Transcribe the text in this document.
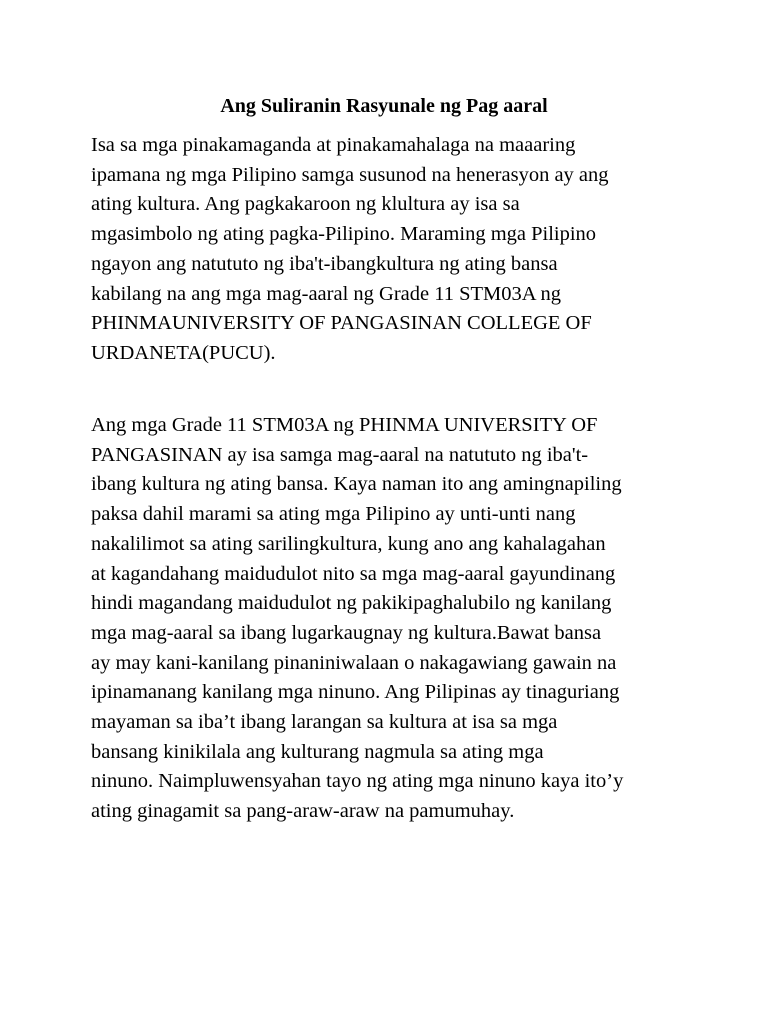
Ang Suliranin Rasyunale ng Pag aaral
Isa sa mga pinakamaganda at pinakamahalaga na maaaring
ipamana ng mga Pilipino samga susunod na henerasyon ay ang
ating kultura. Ang pagkakaroon ng klultura ay isa sa
mgasimbolo ng ating pagka-Pilipino. Maraming mga Pilipino
ngayon ang natututo ng iba't-ibangkultura ng ating bansa
kabilang na ang mga mag-aaral ng Grade 11 STM03A ng
PHINMAUNIVERSITY OF PANGASINAN COLLEGE OF
URDANETA(PUCU).
Ang mga Grade 11 STM03A ng PHINMA UNIVERSITY OF
PANGASINAN ay isa samga mag-aaral na natututo ng iba't-
ibang kultura ng ating bansa. Kaya naman ito ang amingnapiling
paksa dahil marami sa ating mga Pilipino ay unti-unti nang
nakalilimot sa ating sarilingkultura, kung ano ang kahalagahan
at kagandahang maidudulot nito sa mga mag-aaral gayundinang
hindi magandang maidudulot ng pakikipaghalubilo ng kanilang
mga mag-aaral sa ibang lugarkaugnay ng kultura.Bawat bansa
ay may kani-kanilang pinaniniwalaan o nakagawiang gawain na
ipinamanang kanilang mga ninuno. Ang Pilipinas ay tinaguriang
mayaman sa iba’t ibang larangan sa kultura at isa sa mga
bansang kinikilala ang kulturang nagmula sa ating mga
ninuno. Naimpluwensyahan tayo ng ating mga ninuno kaya ito’y
ating ginagamit sa pang-araw-araw na pamumuhay.
